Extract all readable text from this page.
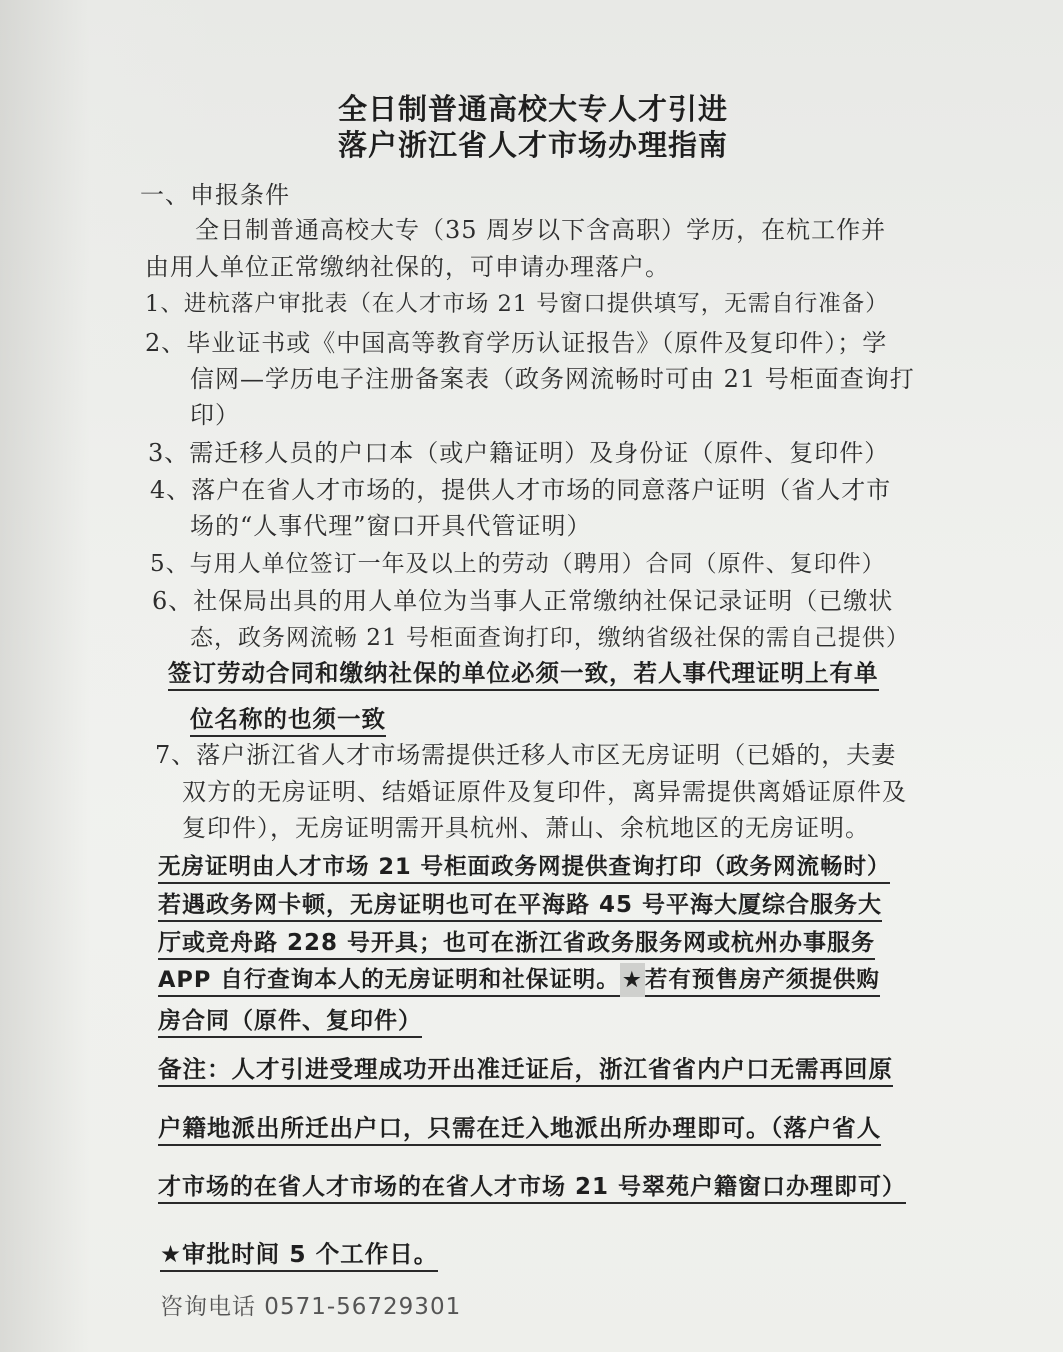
全日制普通高校大专人才引进
落户浙江省人才市场办理指南
一、申报条件
全日制普通高校大专（35 周岁以下含高职）学历，在杭工作并
由用人单位正常缴纳社保的，可申请办理落户。
1、进杭落户审批表（在人才市场 21 号窗口提供填写，无需自行准备）
2、毕业证书或《中国高等教育学历认证报告》（原件及复印件）；学
信网—学历电子注册备案表（政务网流畅时可由 21 号柜面查询打
印）
3、需迁移人员的户口本（或户籍证明）及身份证（原件、复印件）
4、落户在省人才市场的，提供人才市场的同意落户证明（省人才市
场的“人事代理”窗口开具代管证明）
5、与用人单位签订一年及以上的劳动（聘用）合同（原件、复印件）
6、社保局出具的用人单位为当事人正常缴纳社保记录证明（已缴状
态，政务网流畅 21 号柜面查询打印，缴纳省级社保的需自己提供）
签订劳动合同和缴纳社保的单位必须一致，若人事代理证明上有单
位名称的也须一致
7、落户浙江省人才市场需提供迁移人市区无房证明（已婚的，夫妻
双方的无房证明、结婚证原件及复印件，离异需提供离婚证原件及
复印件），无房证明需开具杭州、萧山、余杭地区的无房证明。
无房证明由人才市场 21 号柜面政务网提供查询打印（政务网流畅时）
若遇政务网卡顿，无房证明也可在平海路 45 号平海大厦综合服务大
厅或竞舟路 228 号开具；也可在浙江省政务服务网或杭州办事服务
APP 自行查询本人的无房证明和社保证明。★若有预售房产须提供购
房合同（原件、复印件）
备注：人才引进受理成功开出准迁证后，浙江省省内户口无需再回原
户籍地派出所迁出户口，只需在迁入地派出所办理即可。（落户省人
才市场的在省人才市场的在省人才市场 21 号翠苑户籍窗口办理即可）
★审批时间 5 个工作日。
咨询电话 0571-56729301
